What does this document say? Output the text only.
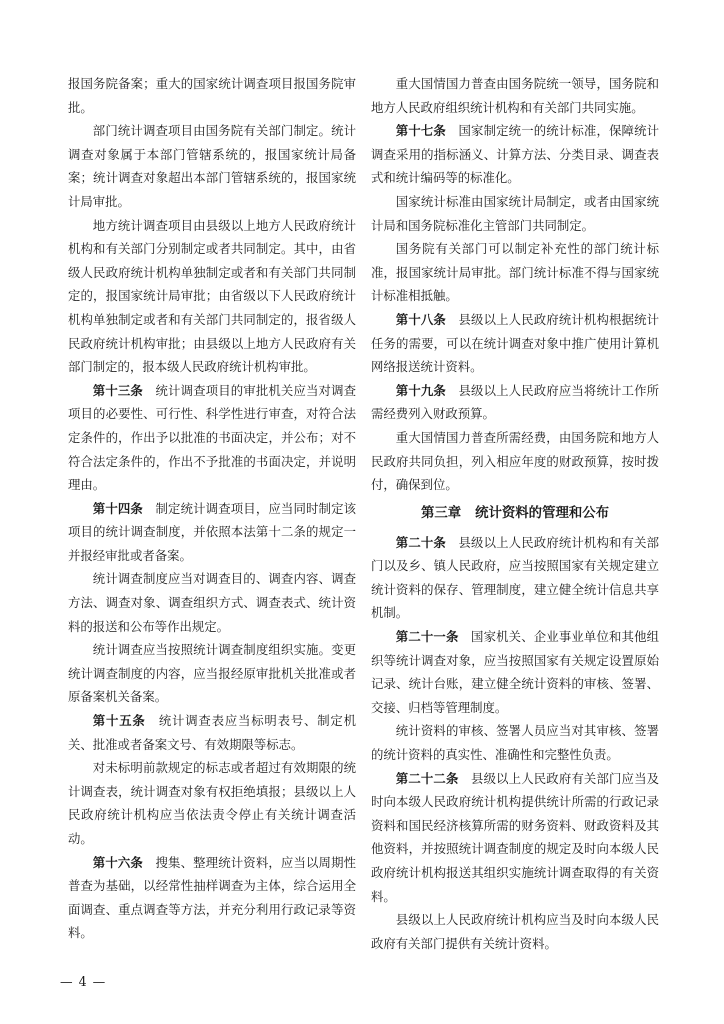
报国务院备案；重大的国家统计调查项目报国务院审批。

部门统计调查项目由国务院有关部门制定。统计调查对象属于本部门管辖系统的，报国家统计局备案；统计调查对象超出本部门管辖系统的，报国家统计局审批。

地方统计调查项目由县级以上地方人民政府统计机构和有关部门分别制定或者共同制定。其中，由省级人民政府统计机构单独制定或者和有关部门共同制定的，报国家统计局审批；由省级以下人民政府统计机构单独制定或者和有关部门共同制定的，报省级人民政府统计机构审批；由县级以上地方人民政府有关部门制定的，报本级人民政府统计机构审批。

第十三条　 统计调查项目的审批机关应当对调查项目的必要性、可行性、科学性进行审查，对符合法定条件的，作出予以批准的书面决定，并公布；对不符合法定条件的，作出不予批准的书面决定，并说明理由。

第十四条　 制定统计调查项目，应当同时制定该项目的统计调查制度，并依照本法第十二条的规定一并报经审批或者备案。

统计调查制度应当对调查目的、调查内容、调查方法、调查对象、调查组织方式、调查表式、统计资料的报送和公布等作出规定。

统计调查应当按照统计调查制度组织实施。变更统计调查制度的内容，应当报经原审批机关批准或者原备案机关备案。

第十五条　 统计调查表应当标明表号、制定机关、批准或者备案文号、有效期限等标志。

对未标明前款规定的标志或者超过有效期限的统计调查表，统计调查对象有权拒绝填报；县级以上人民政府统计机构应当依法责令停止有关统计调查活动。

第十六条　 搜集、整理统计资料，应当以周期性普查为基础，以经常性抽样调查为主体，综合运用全面调查、重点调查等方法，并充分利用行政记录等资料。

重大国情国力普查由国务院统一领导，国务院和地方人民政府组织统计机构和有关部门共同实施。

第十七条　 国家制定统一的统计标准，保障统计调查采用的指标涵义、计算方法、分类目录、调查表式和统计编码等的标准化。

国家统计标准由国家统计局制定，或者由国家统计局和国务院标准化主管部门共同制定。

国务院有关部门可以制定补充性的部门统计标准，报国家统计局审批。部门统计标准不得与国家统计标准相抵触。

第十八条　 县级以上人民政府统计机构根据统计任务的需要，可以在统计调查对象中推广使用计算机网络报送统计资料。

第十九条　 县级以上人民政府应当将统计工作所需经费列入财政预算。

重大国情国力普查所需经费，由国务院和地方人民政府共同负担，列入相应年度的财政预算，按时拨付，确保到位。

第三章 统计资料的管理和公布

第二十条　 县级以上人民政府统计机构和有关部门以及乡、镇人民政府，应当按照国家有关规定建立统计资料的保存、管理制度，建立健全统计信息共享机制。

第二十一条　 国家机关、企业事业单位和其他组织等统计调查对象，应当按照国家有关规定设置原始记录、统计台账，建立健全统计资料的审核、签署、交接、归档等管理制度。

统计资料的审核、签署人员应当对其审核、签署的统计资料的真实性、准确性和完整性负责。

第二十二条　 县级以上人民政府有关部门应当及时向本级人民政府统计机构提供统计所需的行政记录资料和国民经济核算所需的财务资料、财政资料及其他资料，并按照统计调查制度的规定及时向本级人民政府统计机构报送其组织实施统计调查取得的有关资料。

县级以上人民政府统计机构应当及时向本级人民政府有关部门提供有关统计资料。

— 4 —
